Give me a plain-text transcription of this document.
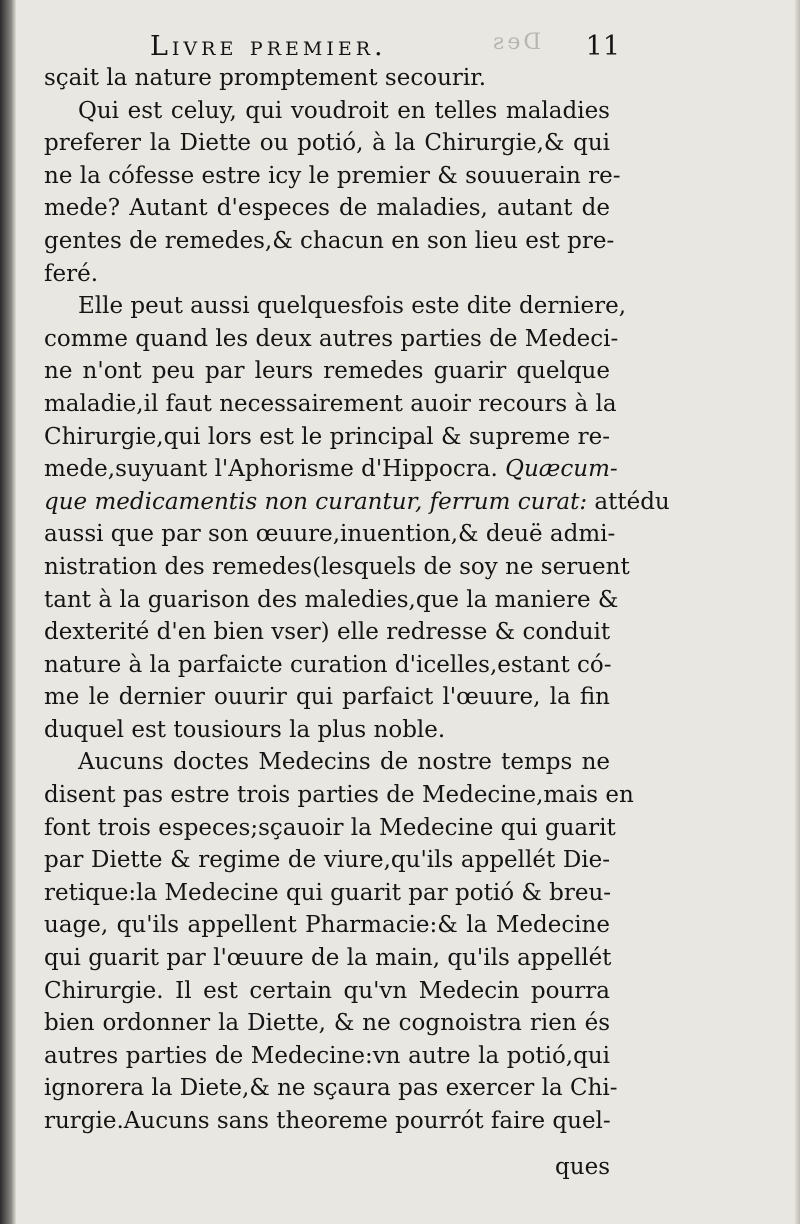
Des
Livre premier.	11
sçait la nature promptement secourir.
Qui est celuy, qui voudroit en telles maladies
preferer la Diette ou potió, à la Chirurgie,& qui
ne la cófesse estre icy le premier & souuerain re-
mede? Autant d'especes de maladies, autant de
gentes de remedes,& chacun en son lieu est pre-
feré.
Elle peut aussi quelquesfois este dite derniere,
comme quand les deux autres parties de Medeci-
ne n'ont peu par leurs remedes guarir quelque
maladie,il faut necessairement auoir recours à la
Chirurgie,qui lors est le principal & supreme re-
mede,suyuant l'Aphorisme d'Hippocra. Quæcum-
que medicamentis non curantur, ferrum curat: attédu
aussi que par son œuure,inuention,& deuë admi-
nistration des remedes(lesquels de soy ne seruent
tant à la guarison des maledies,que la maniere &
dexterité d'en bien vser) elle redresse & conduit
nature à la parfaicte curation d'icelles,estant có-
me le dernier ouurir qui parfaict l'œuure, la fin
duquel est tousiours la plus noble.
Aucuns doctes Medecins de nostre temps ne
disent pas estre trois parties de Medecine,mais en
font trois especes;sçauoir la Medecine qui guarit
par Diette & regime de viure,qu'ils appellét Die-
retique:la Medecine qui guarit par potió & breu-
uage, qu'ils appellent Pharmacie:& la Medecine
qui guarit par l'œuure de la main, qu'ils appellét
Chirurgie. Il est certain qu'vn Medecin pourra
bien ordonner la Diette, & ne cognoistra rien és
autres parties de Medecine:vn autre la potió,qui
ignorera la Diete,& ne sçaura pas exercer la Chi-
rurgie.Aucuns sans theoreme pourrót faire quel-
ques
